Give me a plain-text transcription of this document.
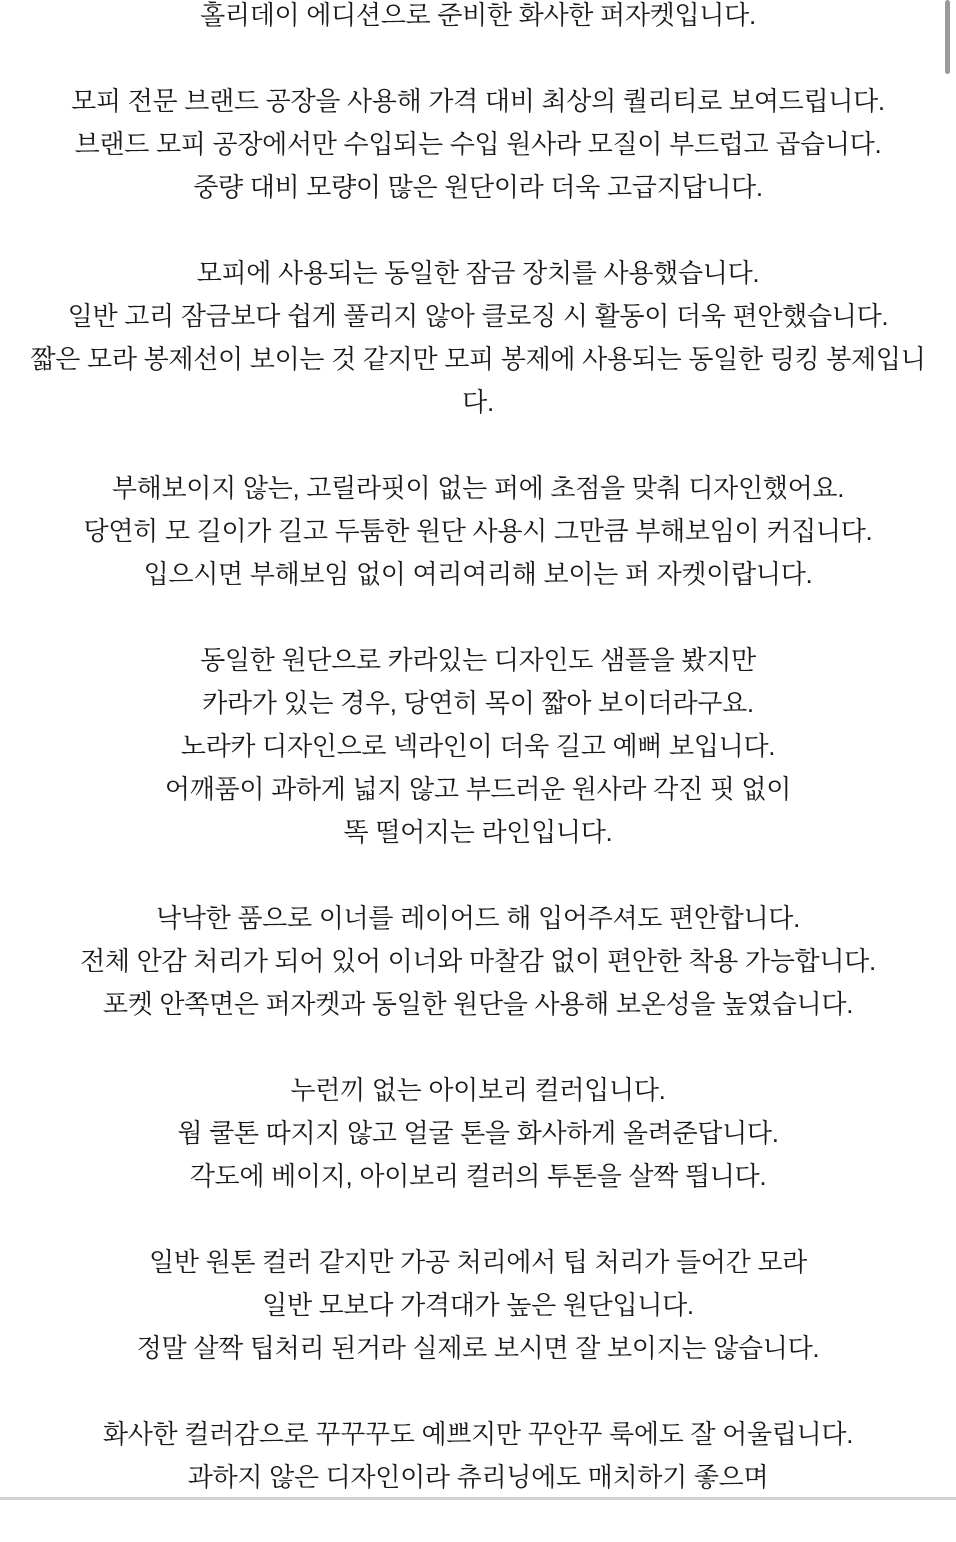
홀리데이 에디션으로 준비한 화사한 퍼자켓입니다.
모피 전문 브랜드 공장을 사용해 가격 대비 최상의 퀄리티로 보여드립니다.
브랜드 모피 공장에서만 수입되는 수입 원사라 모질이 부드럽고 곱습니다.
중량 대비 모량이 많은 원단이라 더욱 고급지답니다.
모피에 사용되는 동일한 잠금 장치를 사용했습니다.
일반 고리 잠금보다 쉽게 풀리지 않아 클로징 시 활동이 더욱 편안했습니다.
짧은 모라 봉제선이 보이는 것 같지만 모피 봉제에 사용되는 동일한 링킹 봉제입니
다.
부해보이지 않는, 고릴라핏이 없는 퍼에 초점을 맞춰 디자인했어요.
당연히 모 길이가 길고 두툼한 원단 사용시 그만큼 부해보임이 커집니다.
입으시면 부해보임 없이 여리여리해 보이는 퍼 자켓이랍니다.
동일한 원단으로 카라있는 디자인도 샘플을 봤지만
카라가 있는 경우, 당연히 목이 짧아 보이더라구요.
노라카 디자인으로 넥라인이 더욱 길고 예뻐 보입니다.
어깨품이 과하게 넓지 않고 부드러운 원사라 각진 핏 없이
똑 떨어지는 라인입니다.
낙낙한 품으로 이너를 레이어드 해 입어주셔도 편안합니다.
전체 안감 처리가 되어 있어 이너와 마찰감 없이 편안한 착용 가능합니다.
포켓 안쪽면은 퍼자켓과 동일한 원단을 사용해 보온성을 높였습니다.
누런끼 없는 아이보리 컬러입니다.
웜 쿨톤 따지지 않고 얼굴 톤을 화사하게 올려준답니다.
각도에 베이지, 아이보리 컬러의 투톤을 살짝 띕니다.
일반 원톤 컬러 같지만 가공 처리에서 팁 처리가 들어간 모라
일반 모보다 가격대가 높은 원단입니다.
정말 살짝 팁처리 된거라 실제로 보시면 잘 보이지는 않습니다.
화사한 컬러감으로 꾸꾸꾸도 예쁘지만 꾸안꾸 룩에도 잘 어울립니다.
과하지 않은 디자인이라 츄리닝에도 매치하기 좋으며
